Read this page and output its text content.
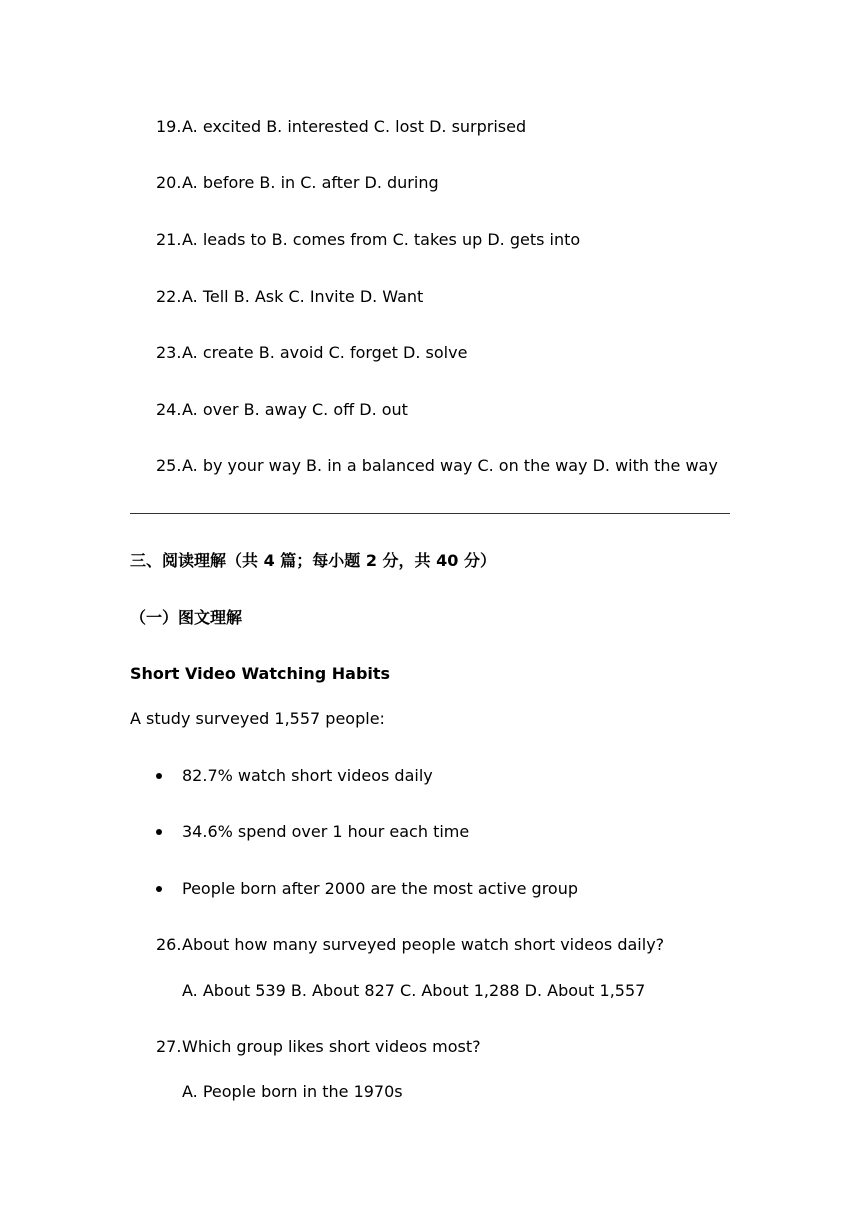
19.A. excited B. interested C. lost D. surprised
20.A. before B. in C. after D. during
21.A. leads to B. comes from C. takes up D. gets into
22.A. Tell B. Ask C. Invite D. Want
23.A. create B. avoid C. forget D. solve
24.A. over B. away C. off D. out
25.A. by your way B. in a balanced way C. on the way D. with the way
三、阅读理解（共 4 篇；每小题 2 分，共 40 分）
（一）图文理解
Short Video Watching Habits
A study surveyed 1,557 people:
82.7% watch short videos daily
34.6% spend over 1 hour each time
People born after 2000 are the most active group
26.About how many surveyed people watch short videos daily?
A. About 539 B. About 827 C. About 1,288 D. About 1,557
27.Which group likes short videos most?
A. People born in the 1970s
